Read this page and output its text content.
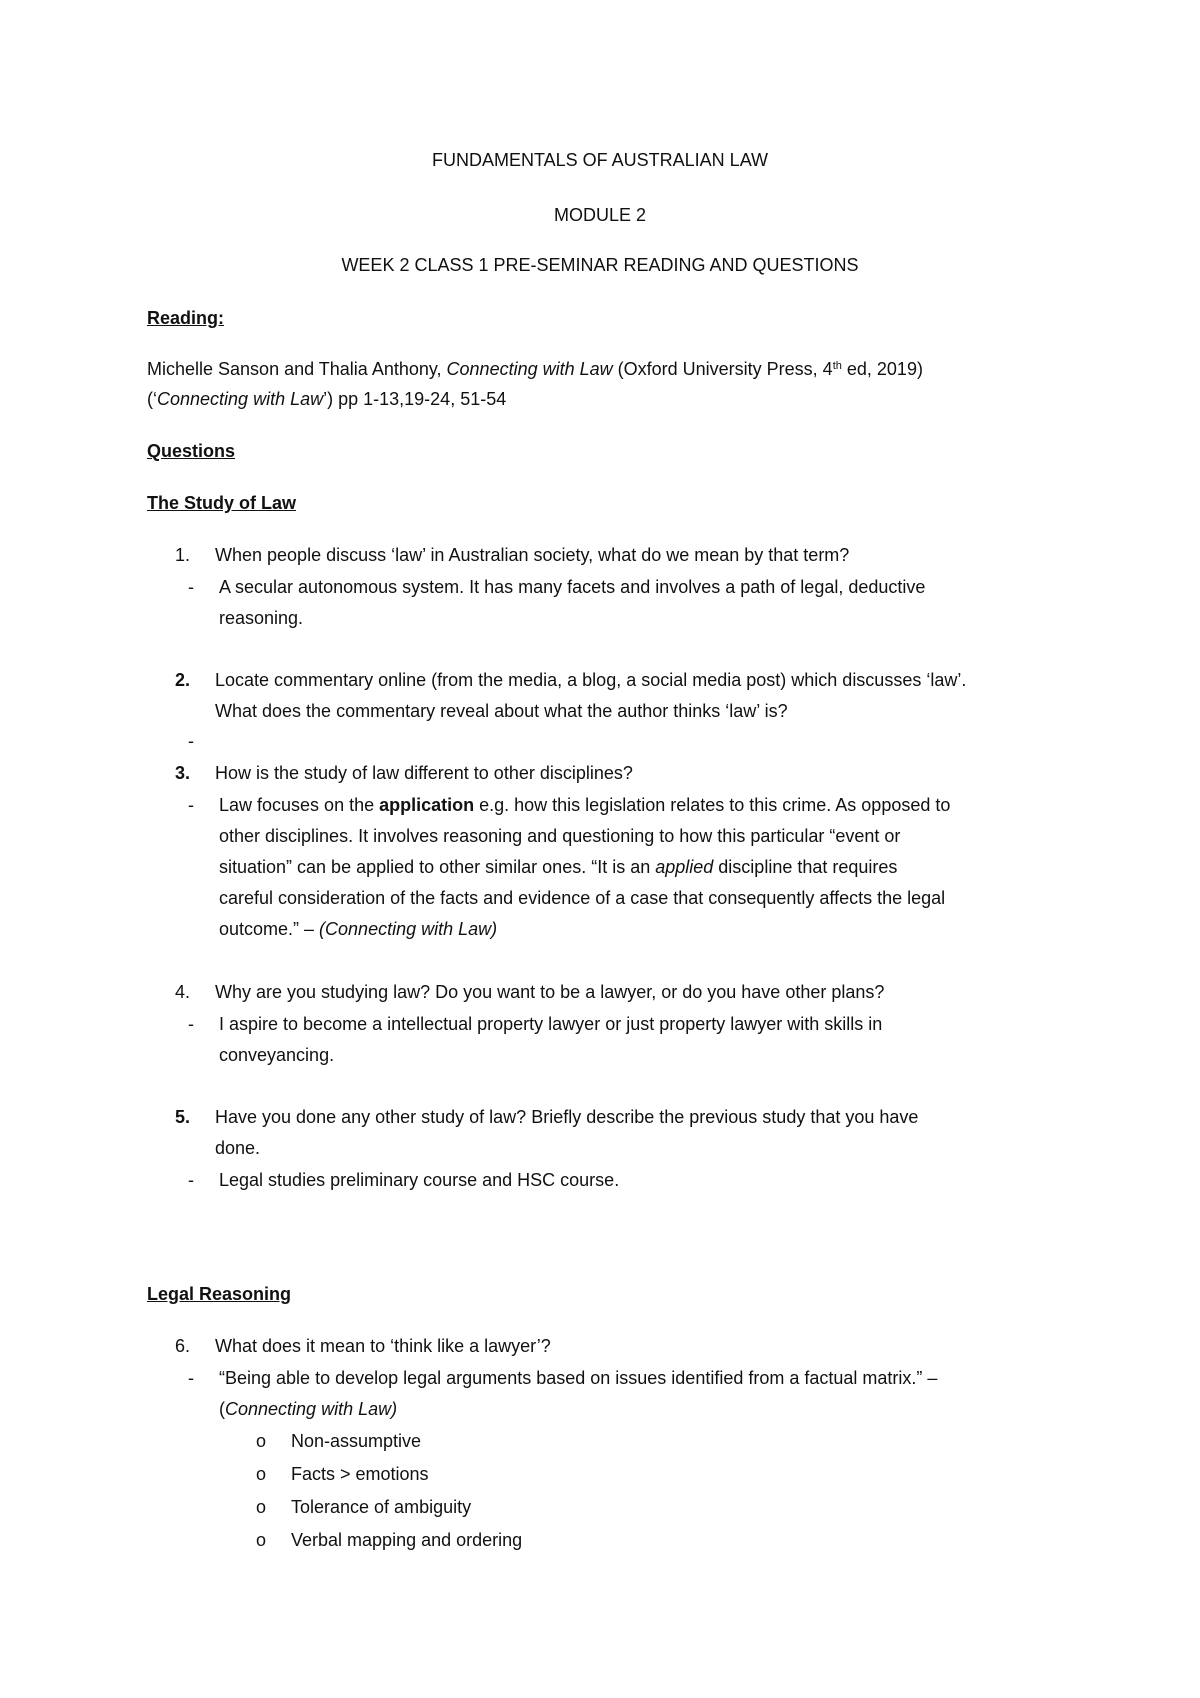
FUNDAMENTALS OF AUSTRALIAN LAW
MODULE 2
WEEK 2 CLASS 1 PRE-SEMINAR READING AND QUESTIONS
Reading:
Michelle Sanson and Thalia Anthony, Connecting with Law (Oxford University Press, 4th ed, 2019)
(‘Connecting with Law’) pp 1-13,19-24, 51-54
Questions
The Study of Law
1. When people discuss ‘law’ in Australian society, what do we mean by that term?
- A secular autonomous system. It has many facets and involves a path of legal, deductive
reasoning.
2. Locate commentary online (from the media, a blog, a social media post) which discusses ‘law’.
What does the commentary reveal about what the author thinks ‘law’ is?
-
3. How is the study of law different to other disciplines?
- Law focuses on the application e.g. how this legislation relates to this crime. As opposed to
other disciplines. It involves reasoning and questioning to how this particular “event or
situation” can be applied to other similar ones. “It is an applied discipline that requires
careful consideration of the facts and evidence of a case that consequently affects the legal
outcome.” – (Connecting with Law)
4. Why are you studying law? Do you want to be a lawyer, or do you have other plans?
- I aspire to become a intellectual property lawyer or just property lawyer with skills in
conveyancing.
5. Have you done any other study of law? Briefly describe the previous study that you have
done.
- Legal studies preliminary course and HSC course.
Legal Reasoning
6. What does it mean to ‘think like a lawyer’?
- “Being able to develop legal arguments based on issues identified from a factual matrix.” –
(Connecting with Law)
o Non-assumptive
o Facts > emotions
o Tolerance of ambiguity
o Verbal mapping and ordering
